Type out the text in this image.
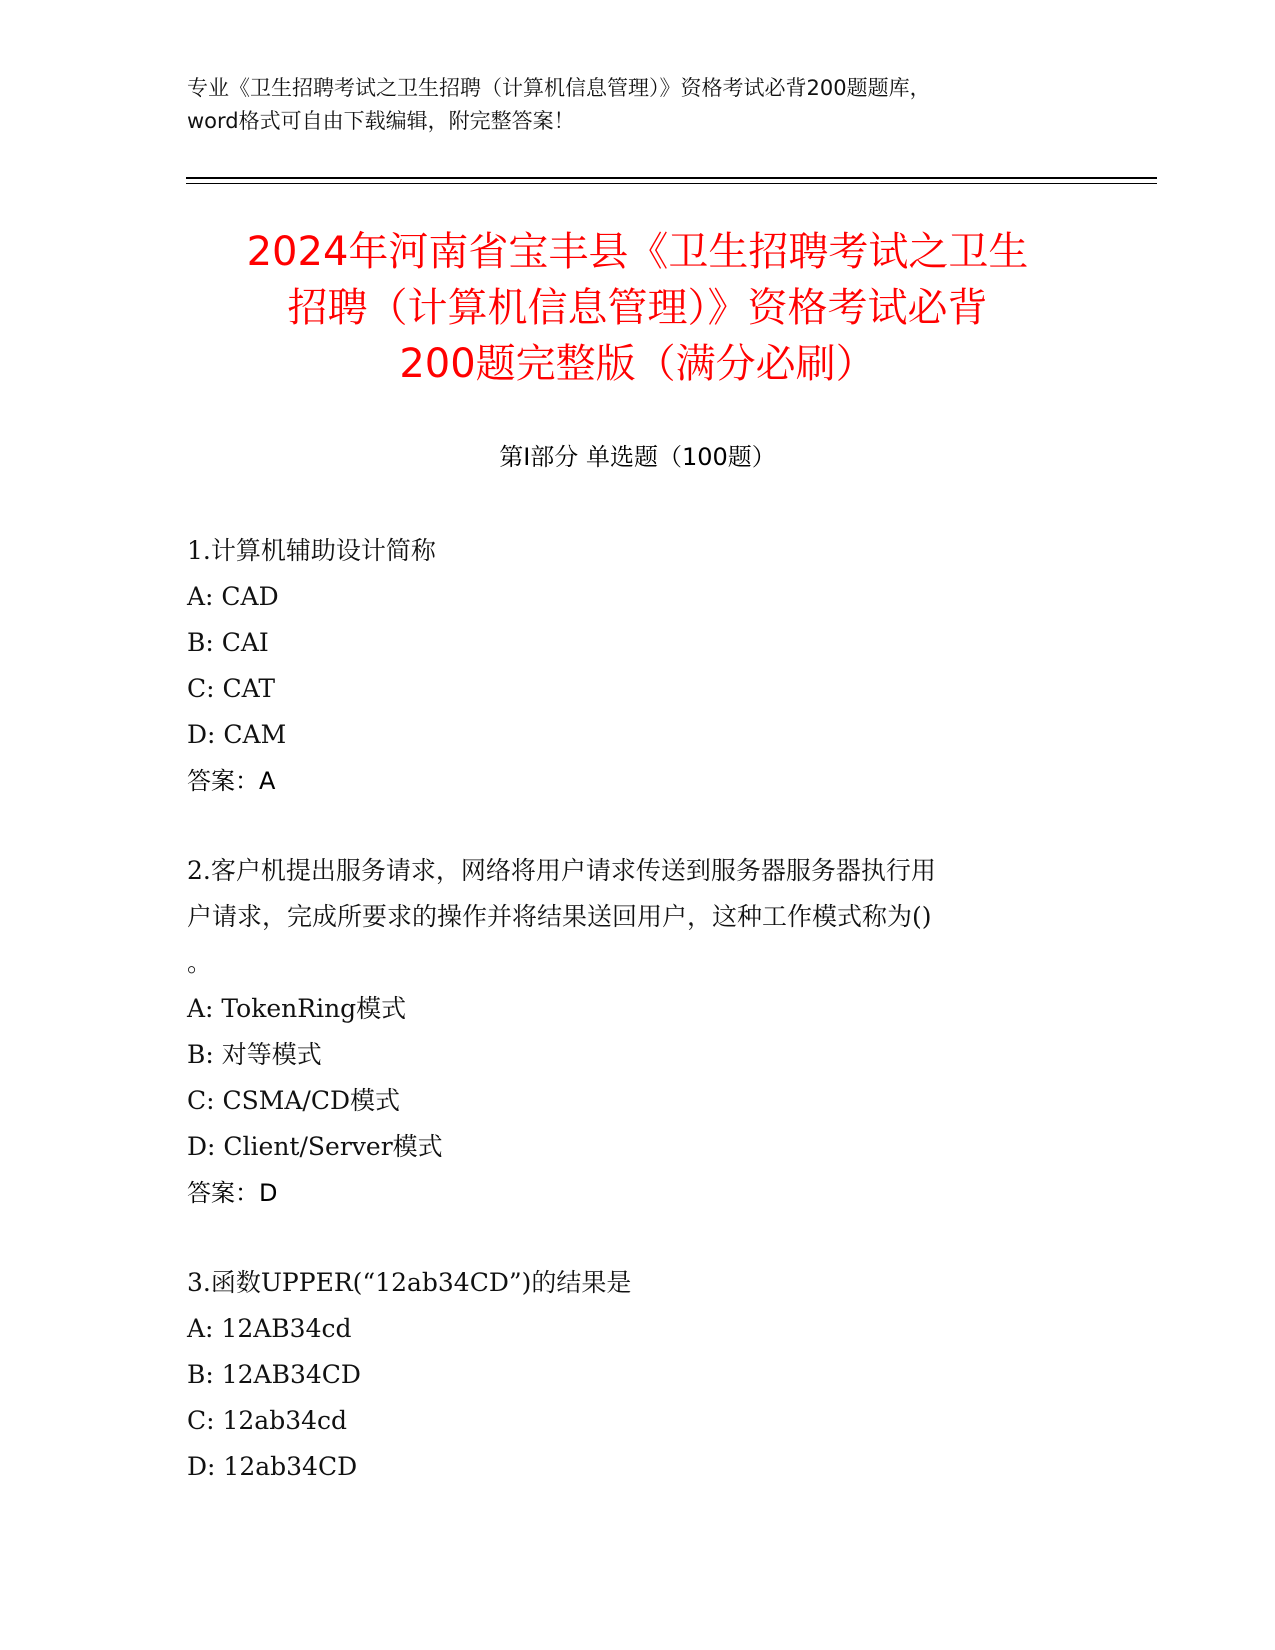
专业《卫生招聘考试之卫生招聘（计算机信息管理）》资格考试必背200题题库，
word格式可自由下载编辑，附完整答案！
2024年河南省宝丰县《卫生招聘考试之卫生
招聘（计算机信息管理）》资格考试必背
200题完整版（满分必刷）
第I部分 单选题（100题）
1.计算机辅助设计简称
A: CAD
B: CAI
C: CAT
D: CAM
答案：A
2.客户机提出服务请求，网络将用户请求传送到服务器服务器执行用
户请求，完成所要求的操作并将结果送回用户，这种工作模式称为()
。
A: TokenRing模式
B: 对等模式
C: CSMA/CD模式
D: Client/Server模式
答案：D
3.函数UPPER(“12ab34CD”)的结果是
A: 12AB34cd
B: 12AB34CD
C: 12ab34cd
D: 12ab34CD
